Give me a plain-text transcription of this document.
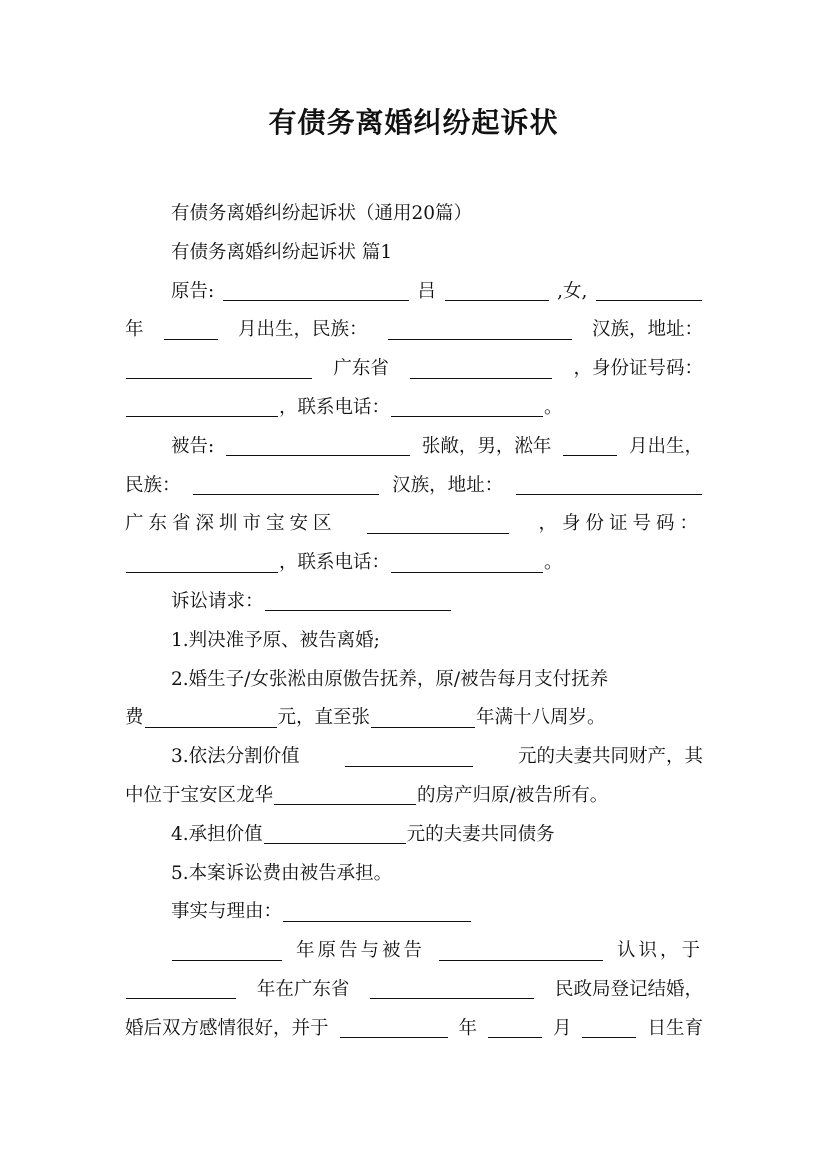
有债务离婚纠纷起诉状
有债务离婚纠纷起诉状（通用20篇）
有债务离婚纠纷起诉状 篇1
原告:	吕	,女,
年	月出生，民族：	汉族，地址：
广东省	，身份证号码：
，联系电话：	。
被告:	张敞，男，淞年	月出生，
民族：	汉族，地址：
广东省深圳市宝安区	，身份证号码：
，联系电话：	。
诉讼请求：
1.判决准予原、被告离婚;
2.婚生子/女张淞由原傲告抚养，原/被告每月支付抚养
费	元，直至张	年满十八周岁。
3.依法分割价值	元的夫妻共同财产，其
中位于宝安区龙华	的房产归原/被告所有。
4.承担价值	元的夫妻共同债务
5.本案诉讼费由被告承担。
事实与理由：
年原告与被告	认识，于
年在广东省	民政局登记结婚，
婚后双方感情很好，并于	年	月	日生育
